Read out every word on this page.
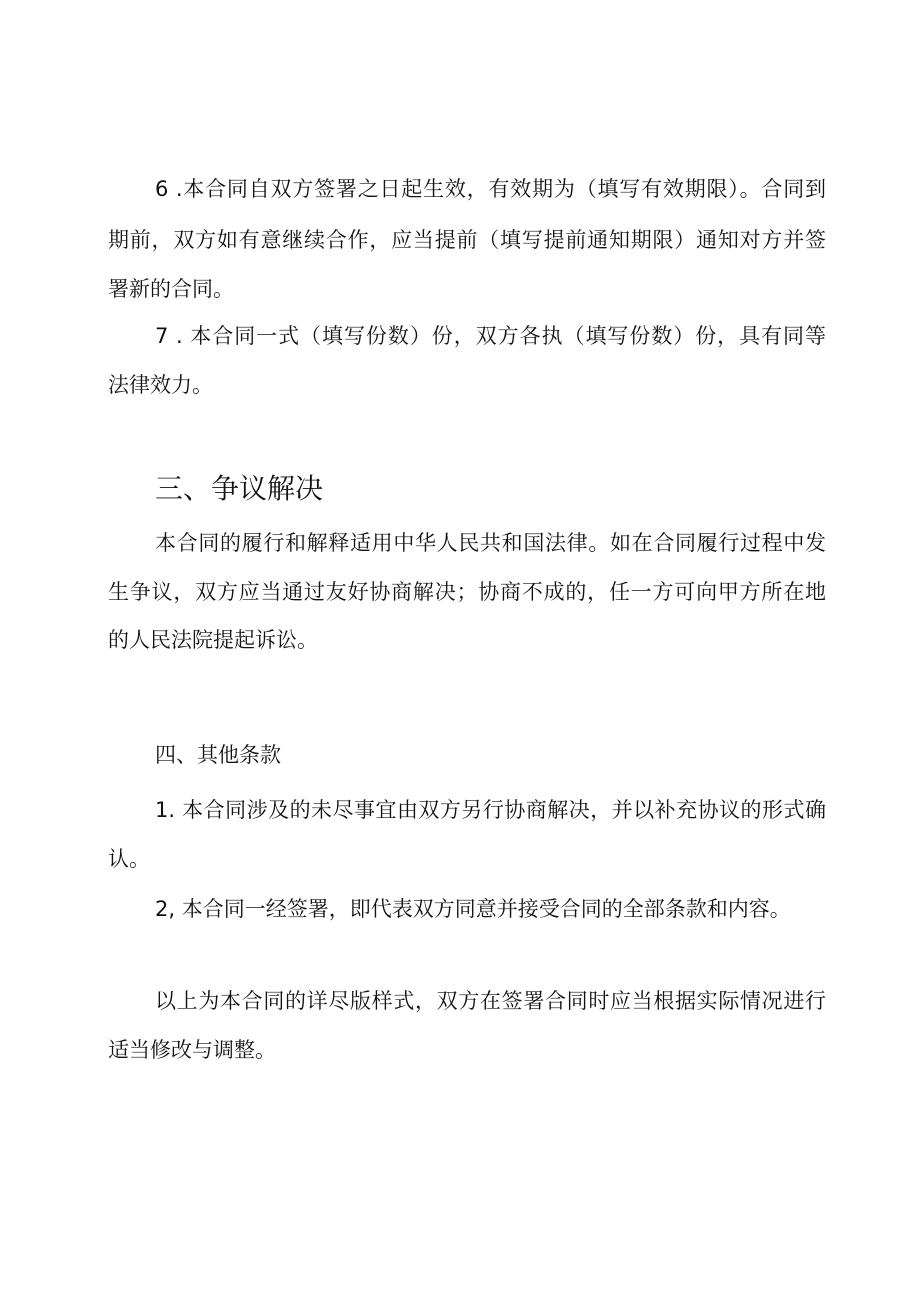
6 .本合同自双方签署之日起生效，有效期为（填写有效期限）。合同到
期前，双方如有意继续合作，应当提前（填写提前通知期限）通知对方并签
署新的合同。
7 . 本合同一式（填写份数）份，双方各执（填写份数）份，具有同等
法律效力。
三、争议解决
本合同的履行和解释适用中华人民共和国法律。如在合同履行过程中发
生争议，双方应当通过友好协商解决；协商不成的，任一方可向甲方所在地
的人民法院提起诉讼。
四、其他条款
1. 本合同涉及的未尽事宜由双方另行协商解决，并以补充协议的形式确
认。
2, 本合同一经签署，即代表双方同意并接受合同的全部条款和内容。
以上为本合同的详尽版样式，双方在签署合同时应当根据实际情况进行
适当修改与调整。
